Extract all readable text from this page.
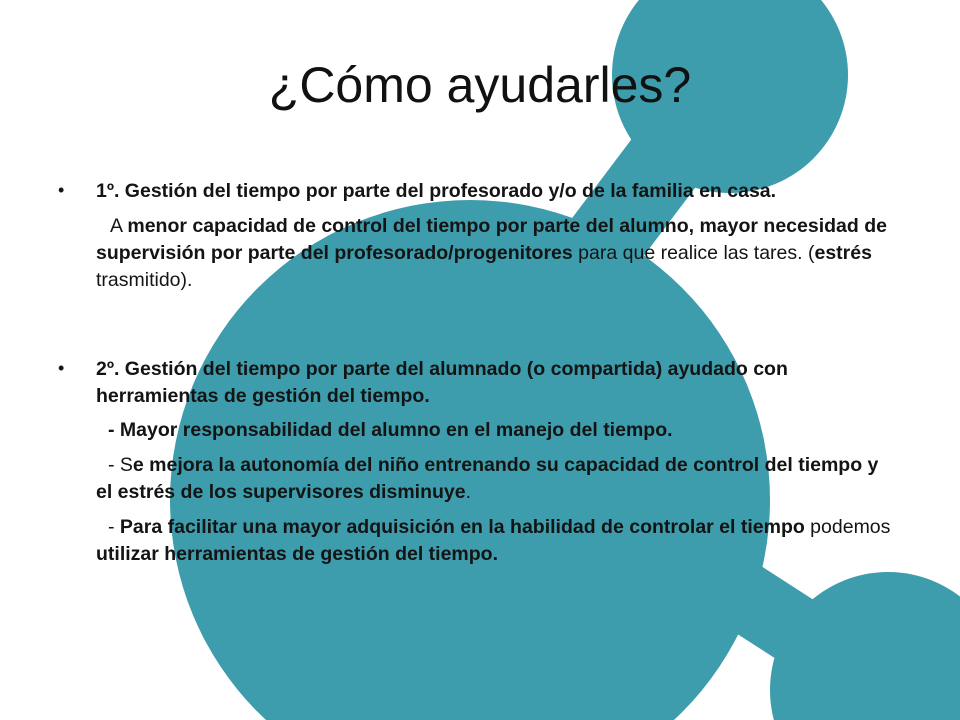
¿Cómo ayudarles?
•	1º. Gestión del tiempo por parte del profesorado y/o de la familia en casa.

A menor capacidad de control del tiempo por parte del alumno, mayor necesidad de supervisión por parte del profesorado/progenitores para que realice las tares. (estrés trasmitido).

•	2º. Gestión del tiempo por parte del alumnado (o compartida) ayudado con herramientas de gestión del tiempo.

- Mayor responsabilidad del alumno en el manejo del tiempo.

- Se mejora la autonomía del niño entrenando su capacidad de control del tiempo y el estrés de los supervisores disminuye.

- Para facilitar una mayor adquisición en la habilidad de controlar el tiempo podemos utilizar herramientas de gestión del tiempo.
